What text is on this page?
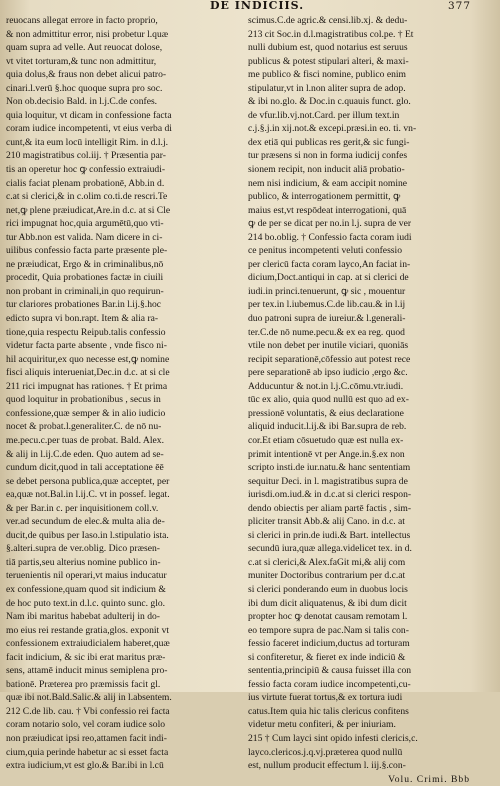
DE INDICIIS.	377
reuocans allegat errore in facto proprio,
& non admittitur error, nisi probetur l.quæ
quam supra ad velle. Aut reuocat dolose,
vt vitet torturam,& tunc non admittitur,
quia dolus,& fraus non debet alicui patro-
cinari.l.verū §.hoc quoque supra pro soc.
Non ob.decisio Bald. in l.j.C.de confes.
quia loquitur, vt dicam in confessione facta
coram iudice incompetenti, vt eius verba di
cunt,& ita eum locū intelligit Rim. in d.l.j.
210 magistratibus col.iij. † Præsentia par-
tis an operetur hoc ꝙ confessio extraiudi-
cialis faciat plenam probationē, Abb.in d.
c.at si clerici,& in c.olim co.ti.de rescri.Te
net,ꝙ plene præiudicat,Are.in d.c. at si Cle
rici impugnat hoc,quia argumētū,quo vti-
tur Abb.non est valida. Nam dicere in ci-
uilibus confessio facta parte præsente ple-
ne præiudicat, Ergo & in criminalibus,nō
procedit, Quia probationes factæ in ciuili
non probant in criminali,in quo requirun-
tur clariores probationes Bar.in l.ij.§.hoc
edicto supra vi bon.rapt. Item & alia ra-
tione,quia respectu Reipub.talis confessio
videtur facta parte absente , vnde fisco ni-
hil acquiritur,ex quo necesse est,ꝙ nomine
fisci aliquis interueniat,Dec.in d.c. at si cle
211 rici impugnat has rationes. † Et prima
quod loquitur in probationibus , secus in
confessione,quæ semper & in alio iudicio
nocet & probat.l.generaliter.C. de nō nu-
me.pecu.c.per tuas de probat. Bald. Alex.
& alij in l.ij.C.de eden. Quo autem ad se-
cundum dicit,quod in tali acceptatione ēē
se debet persona publica,quæ acceptet, per
ea,quæ not.Bal.in l.ij.C. vt in possef. legat.
& per Bar.in c. per inquisitionem coll.v.
ver.ad secundum de elec.& multa alia de-
ducit,de quibus per Iaso.in l.stipulatio ista.
§.alteri.supra de ver.oblig. Dico præsen-
tiā partis,seu alterius nomine publico in-
teruenientis nil operari,vt maius inducatur
ex confessione,quam quod sit indicium &
de hoc puto text.in d.l.c. quinto sunc. glo.
Nam ibi maritus habebat adulterij in do-
mo eius rei restande gratia,glos. exponit vt
confessionem extraiudicialem haberet,quæ
facit indicium, & sic ibi erat maritus præ-
sens, attamē inducit minus semiplena pro-
bationē. Præterea pro præmissis facit gl.
quæ ibi not.Bald.Salic.& alij in l.absentem.
212 C.de lib. cau. † Vbi confessio rei facta
coram notario solo, vel coram iudice solo
non præiudicat ipsi reo,attamen facit indi-
cium,quia perinde habetur ac si esset facta
extra iudicium,vt est glo.& Bar.ibi in l.cū
scimus.C.de agric.& censi.lib.xj. & dedu-
213 cit Soc.in d.l.magistratibus col.pe. † Et
nulli dubium est, quod notarius est seruus
publicus & potest stipulari alteri, & maxi-
me publico & fisci nomine, publico enim
stipulatur,vt in l.non aliter supra de adop.
& ibi no.glo. & Doc.in c.quauis funct. glo.
de vfur.lib.vj.not.Card. per illum text.in
c.j.§.j.in xij.not.& excepi.præsi.in eo. ti. vn-
dex etiā qui publicas res gerit,& sic fungi-
tur præsens si non in forma iudicij confes
sionem recipit, non inducit aliā probatio-
nem nisi indicium, & eam accipit nomine
publico, & interrogationem permittit, ꝙ
maius est,vt respōdeat interrogationi, quā
ꝙ de per se dicat per no.in l.j. supra de ver
214 bo.oblig. † Confessio facta coram iudi
ce penitus incompetenti veluti confessio
per clericū facta coram layco,An faciat in-
dicium,Doct.antiqui in cap. at si clerici de
iudi.in princi.tenuerunt, ꝙ sic , mouentur
per tex.in l.iubemus.C.de lib.cau.& in l.ij
duo patroni supra de iureiur.& l.generali-
ter.C.de nō nume.pecu.& ex ea reg. quod
vtile non debet per inutile viciari, quoniās
recipit separationē,cōfessio aut potest rece
pere separationē ab ipso iudicio ,ergo &c.
Adducuntur & not.in l.j.C.cōmu.vtr.iudi.
tūc ex alio, quia quod nullū est quo ad ex-
pressionē voluntatis, & eius declaratione
aliquid inducit.l.ij.& ibi Bar.supra de reb.
cor.Et etiam cōsuetudo quæ est nulla ex-
primit intentionē vt per Ange.in.§.ex non
scripto insti.de iur.natu.& hanc sententiam
sequitur Deci. in l. magistratibus supra de
iurisdi.om.iud.& in d.c.at si clerici respon-
dendo obiectis per aliam partē factis , sim-
pliciter transit Abb.& alij Cano. in d.c. at
si clerici in prin.de iudi.& Bart. intellectus
secundū iura,quæ allega.videlicet tex. in d.
c.at si clerici,& Alex.faGit mi,& alij com
muniter Doctoribus contrarium per d.c.at
si clerici ponderando eum in duobus locis
ibi dum dicit aliquatenus, & ibi dum dicit
propter hoc ꝙ denotat causam remotam l.
eo tempore supra de pac.Nam si talis con-
fessio faceret indicium,ductus ad torturam
si confiteretur, & fieret ex inde indiciū &
sententia,principiū & causa fuisset illa con
fessio facta coram iudice incompetenti,cu-
ius virtute fuerat tortus,& ex tortura iudi
catus.Item quia hic talis clericus confitens
videtur metu confiteri, & per iniuriam.
215 † Cum layci sint opido infesti clericis,c.
layco.clericos.j.q.vj.præterea quod nullū
est, nullum producit effectum l. iij.§.con-
Volu. Crimi. Bbb
